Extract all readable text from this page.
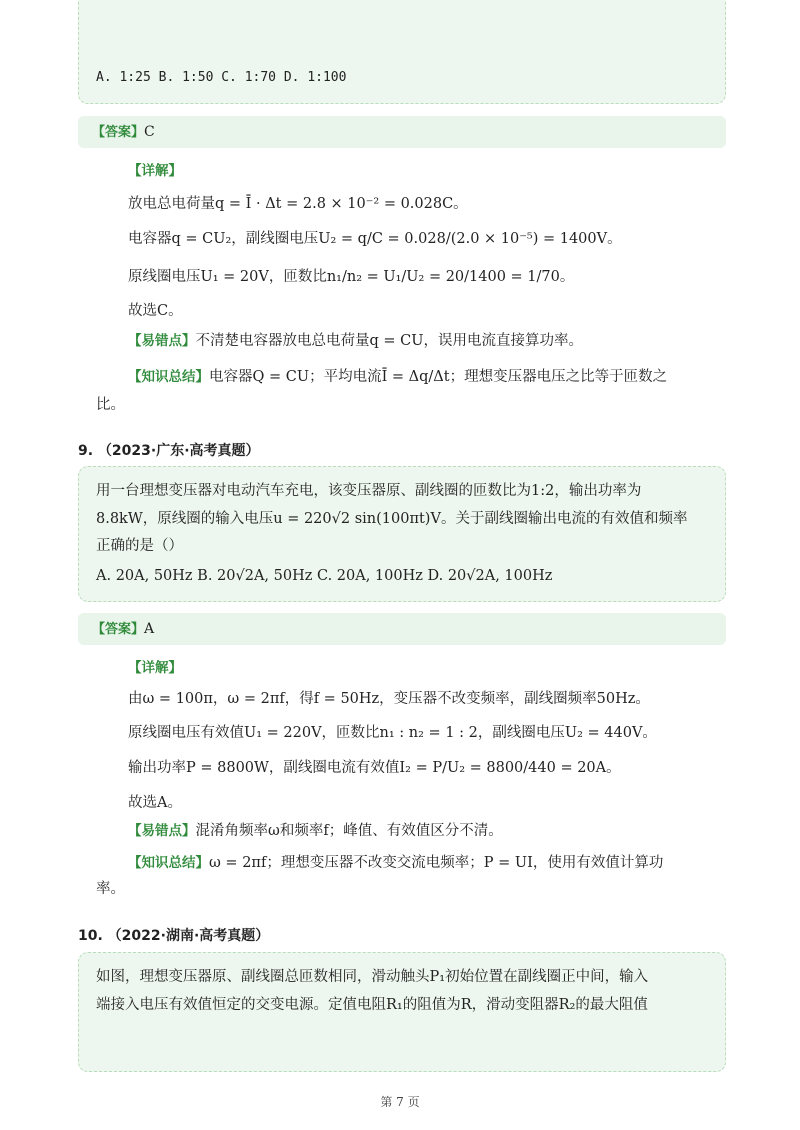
A. 1:25 B. 1:50 C. 1:70 D. 1:100
【答案】C
【详解】
放电总电荷量q = Ī · Δt = 2.8 × 10⁻² = 0.028C。
电容器q = CU₂，副线圈电压U₂ = q/C = 0.028/(2.0 × 10⁻⁵) = 1400V。
原线圈电压U₁ = 20V，匝数比n₁/n₂ = U₁/U₂ = 20/1400 = 1/70。
故选C。
【易错点】不清楚电容器放电总电荷量q = CU，误用电流直接算功率。
【知识总结】电容器Q = CU；平均电流Ī = Δq/Δt；理想变压器电压之比等于匝数之
比。
9. （2023·广东·高考真题）
用一台理想变压器对电动汽车充电，该变压器原、副线圈的匝数比为1:2，输出功率为
8.8kW，原线圈的输入电压u = 220√2 sin(100πt)V。关于副线圈输出电流的有效值和频率
正确的是（）
A. 20A, 50Hz B. 20√2A, 50Hz C. 20A, 100Hz D. 20√2A, 100Hz
【答案】A
【详解】
由ω = 100π，ω = 2πf，得f = 50Hz，变压器不改变频率，副线圈频率50Hz。
原线圈电压有效值U₁ = 220V，匝数比n₁ : n₂ = 1 : 2，副线圈电压U₂ = 440V。
输出功率P = 8800W，副线圈电流有效值I₂ = P/U₂ = 8800/440 = 20A。
故选A。
【易错点】混淆角频率ω和频率f；峰值、有效值区分不清。
【知识总结】ω = 2πf；理想变压器不改变交流电频率；P = UI，使用有效值计算功
率。
10. （2022·湖南·高考真题）
如图，理想变压器原、副线圈总匝数相同，滑动触头P₁初始位置在副线圈正中间，输入
端接入电压有效值恒定的交变电源。定值电阻R₁的阻值为R，滑动变阻器R₂的最大阻值
第 7 页
